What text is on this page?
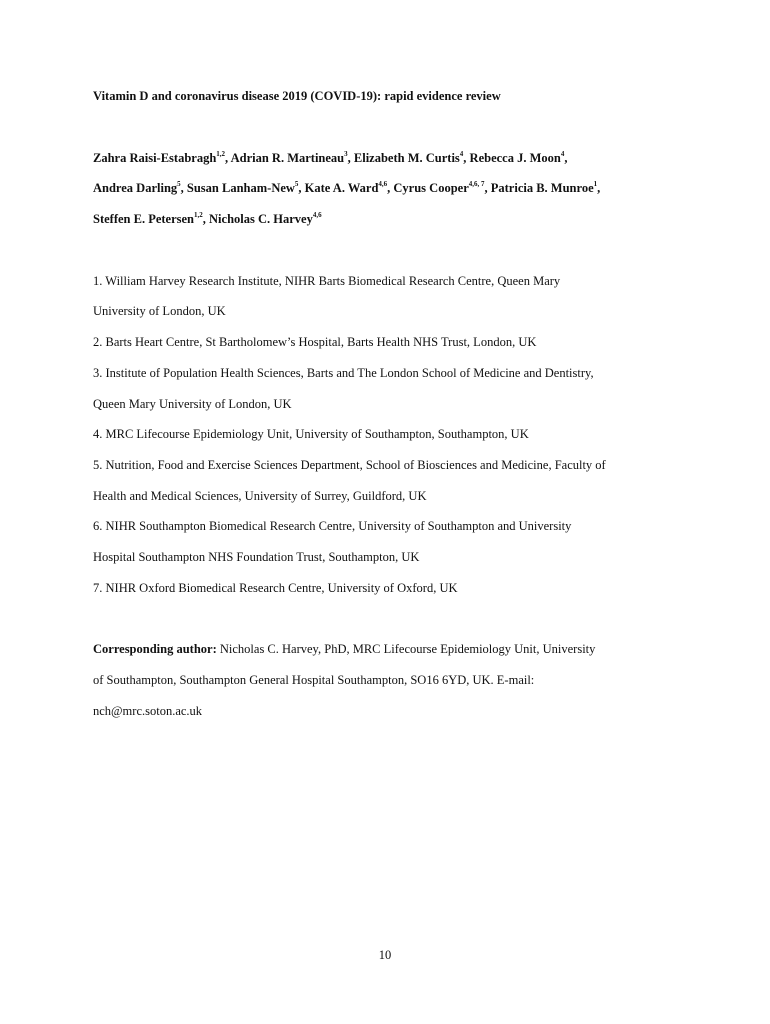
Vitamin D and coronavirus disease 2019 (COVID-19): rapid evidence review
Zahra Raisi-Estabragh$^{1,2}$, Adrian R. Martineau$^3$, Elizabeth M. Curtis$^4$, Rebecca J. Moon$^4$,
Andrea Darling$^5$, Susan Lanham-New$^5$, Kate A. Ward$^{4,6}$, Cyrus Cooper$^{4,6, 7}$, Patricia B. Munroe$^1$,
Steffen E. Petersen$^{1,2}$, Nicholas C. Harvey$^{4,6}$
1. William Harvey Research Institute, NIHR Barts Biomedical Research Centre, Queen Mary
University of London, UK
2. Barts Heart Centre, St Bartholomew’s Hospital, Barts Health NHS Trust, London, UK
3. Institute of Population Health Sciences, Barts and The London School of Medicine and Dentistry,
Queen Mary University of London, UK
4. MRC Lifecourse Epidemiology Unit, University of Southampton, Southampton, UK
5. Nutrition, Food and Exercise Sciences Department, School of Biosciences and Medicine, Faculty of
Health and Medical Sciences, University of Surrey, Guildford, UK
6. NIHR Southampton Biomedical Research Centre, University of Southampton and University
Hospital Southampton NHS Foundation Trust, Southampton, UK
7. NIHR Oxford Biomedical Research Centre, University of Oxford, UK
Corresponding author: Nicholas C. Harvey, PhD, MRC Lifecourse Epidemiology Unit, University
of Southampton, Southampton General Hospital Southampton, SO16 6YD, UK. E-mail:
nch@mrc.soton.ac.uk
10
